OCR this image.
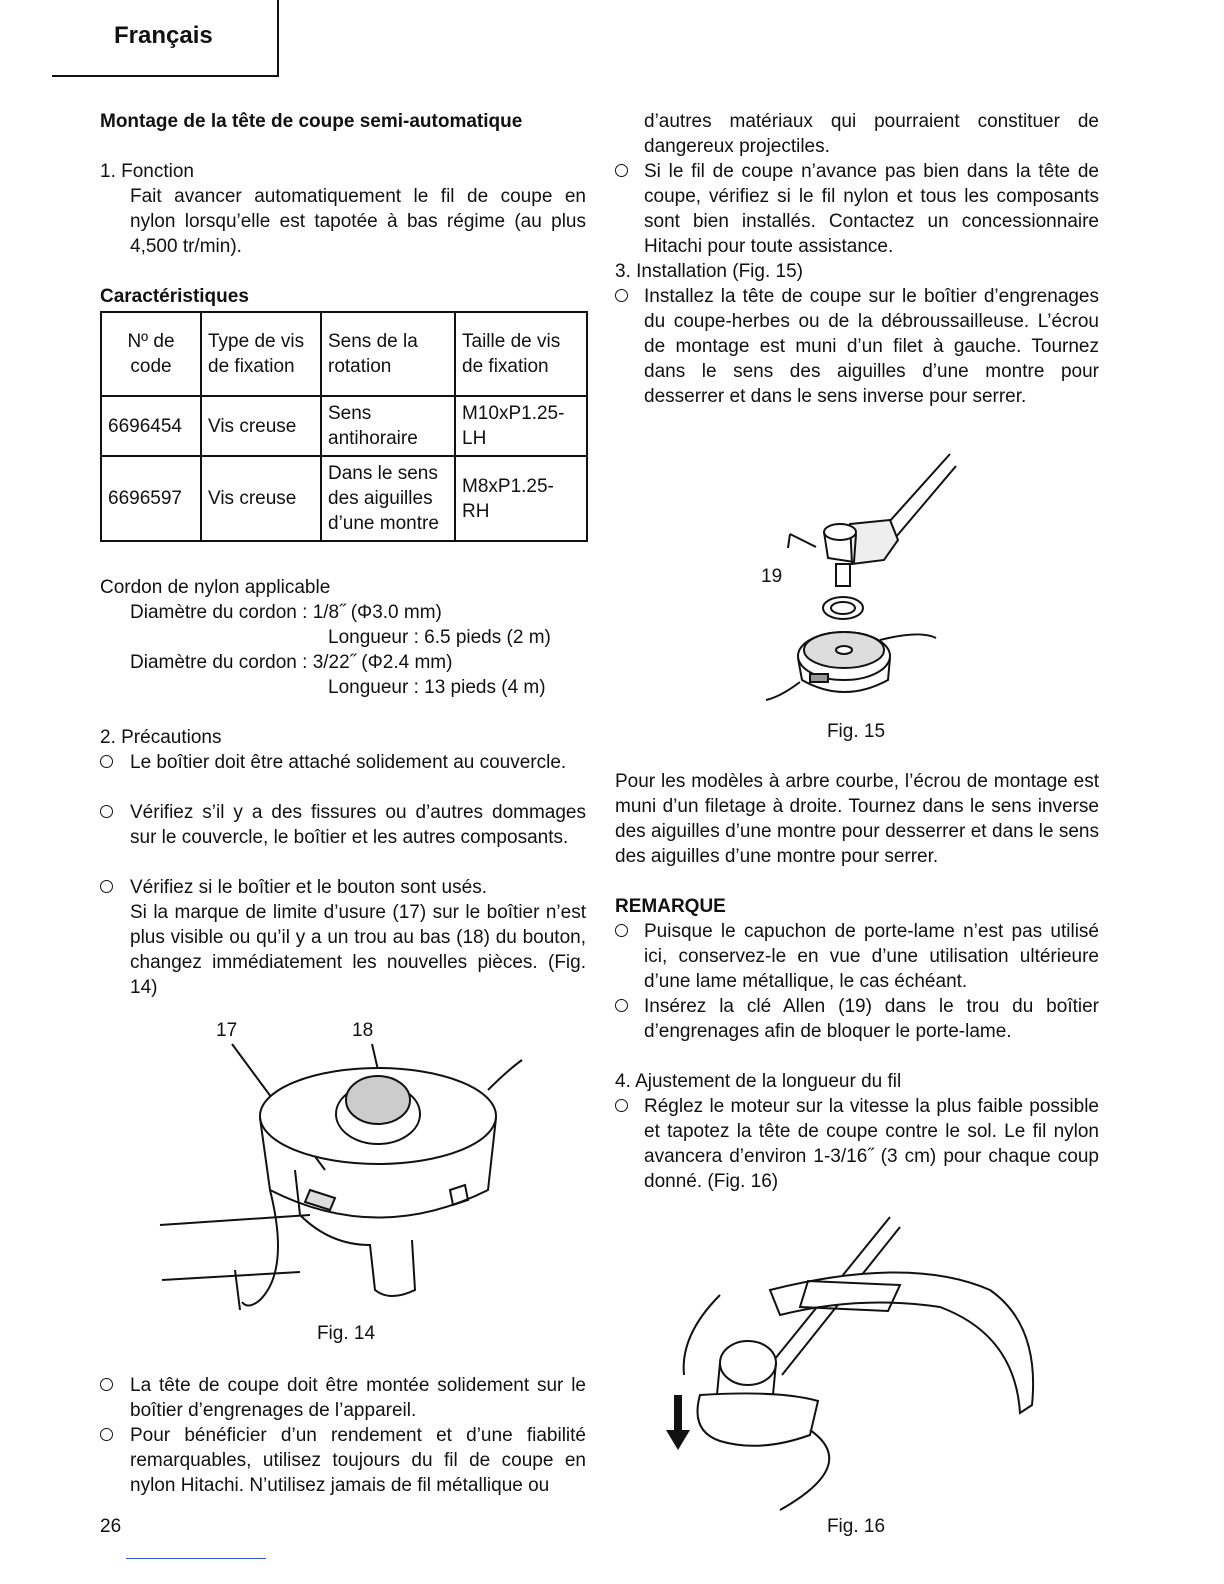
Français
Montage de la tête de coupe semi-automatique
1. Fonction
Fait avancer automatiquement le fil de coupe en nylon lorsqu’elle est tapotée à bas régime (au plus 4,500 tr/min).
Caractéristiques
Nº de code	Type de vis de fixation	Sens de la rotation	Taille de vis de fixation
6696454	Vis creuse	Sens antihoraire	M10xP1.25-LH
6696597	Vis creuse	Dans le sens des aiguilles d’une montre	M8xP1.25-RH
Cordon de nylon applicable
Diamètre du cordon : 1/8˝ (Φ3.0 mm)
Longueur : 6.5 pieds (2 m)
Diamètre du cordon : 3/22˝ (Φ2.4 mm)
Longueur : 13 pieds (4 m)
2. Précautions
Le boîtier doit être attaché solidement au couvercle.
Vérifiez s’il y a des fissures ou d’autres dommages sur le couvercle, le boîtier et les autres composants.
Vérifiez si le boîtier et le bouton sont usés.
Si la marque de limite d’usure (17) sur le boîtier n’est plus visible ou qu’il y a un trou au bas (18) du bouton, changez immédiatement les nouvelles pièces. (Fig. 14)
17	18
Fig. 14
La tête de coupe doit être montée solidement sur le boîtier d’engrenages de l’appareil.
Pour bénéficier d’un rendement et d’une fiabilité remarquables, utilisez toujours du fil de coupe en nylon Hitachi. N’utilisez jamais de fil métallique ou
26
d’autres matériaux qui pourraient constituer de dangereux projectiles.
Si le fil de coupe n’avance pas bien dans la tête de coupe, vérifiez si le fil nylon et tous les composants sont bien installés. Contactez un concessionnaire Hitachi pour toute assistance.
3. Installation (Fig. 15)
Installez la tête de coupe sur le boîtier d’engrenages du coupe-herbes ou de la débroussailleuse. L’écrou de montage est muni d’un filet à gauche. Tournez dans le sens des aiguilles d’une montre pour desserrer et dans le sens inverse pour serrer.
19
Fig. 15
Pour les modèles à arbre courbe, l’écrou de montage est muni d’un filetage à droite. Tournez dans le sens inverse des aiguilles d’une montre pour desserrer et dans le sens des aiguilles d’une montre pour serrer.
REMARQUE
Puisque le capuchon de porte-lame n’est pas utilisé ici, conservez-le en vue d’une utilisation ultérieure d’une lame métallique, le cas échéant.
Insérez la clé Allen (19) dans le trou du boîtier d’engrenages afin de bloquer le porte-lame.
4. Ajustement de la longueur du fil
Réglez le moteur sur la vitesse la plus faible possible et tapotez la tête de coupe contre le sol. Le fil nylon avancera d’environ 1-3/16˝ (3 cm) pour chaque coup donné. (Fig. 16)
Fig. 16
